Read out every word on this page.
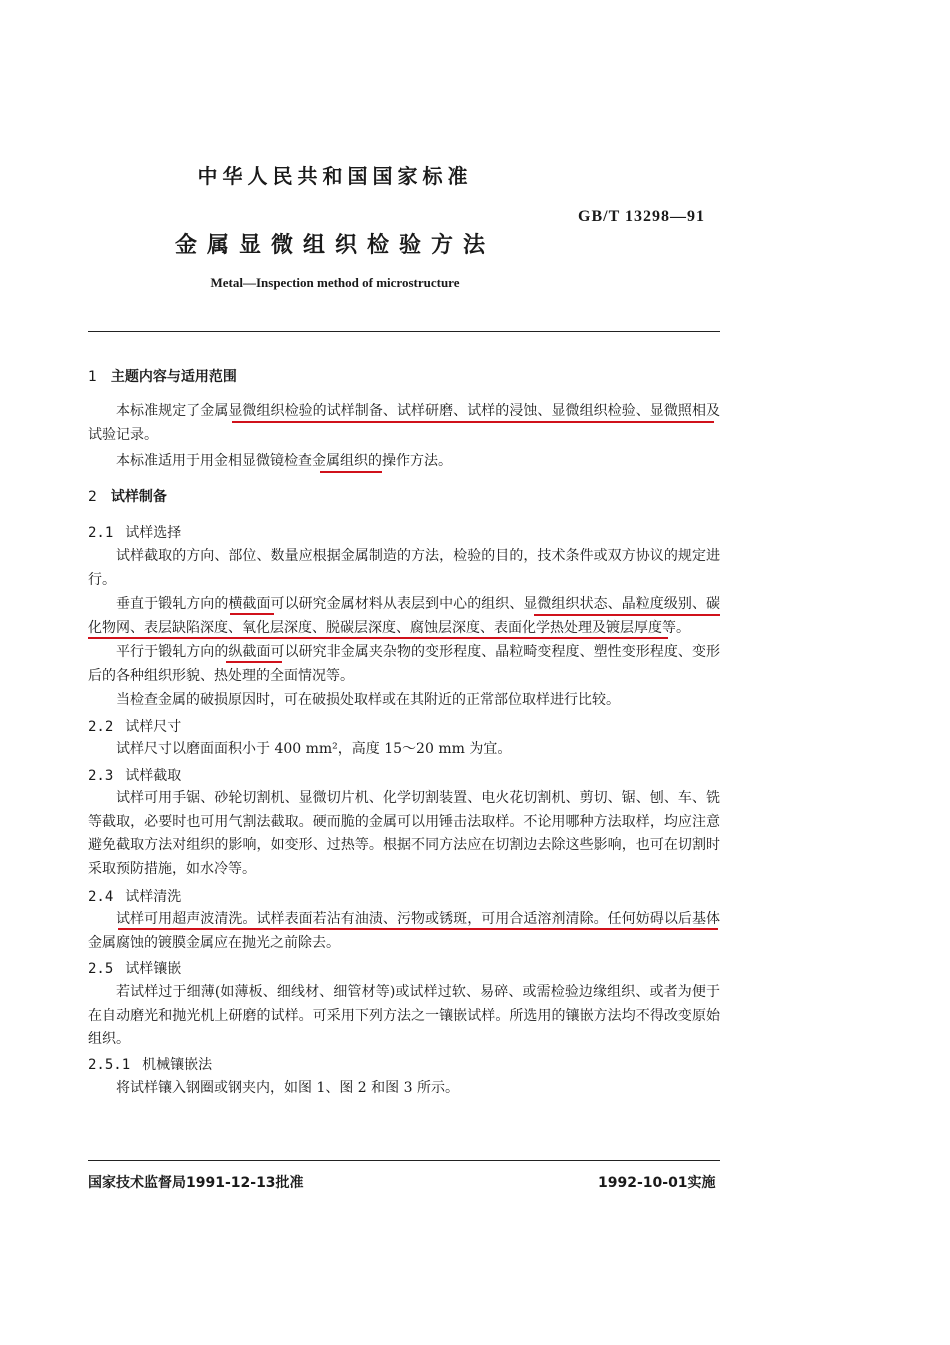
中华人民共和国国家标准
GB/T 13298—91
金属显微组织检验方法
Metal—Inspection method of microstructure
1 主题内容与适用范围
本标准规定了金属显微组织检验的试样制备、试样研磨、试样的浸蚀、显微组织检验、显微照相及试验记录。
本标准适用于用金相显微镜检查金属组织的操作方法。
2 试样制备
2.1 试样选择
试样截取的方向、部位、数量应根据金属制造的方法，检验的目的，技术条件或双方协议的规定进行。
垂直于锻轧方向的横截面可以研究金属材料从表层到中心的组织、显微组织状态、晶粒度级别、碳化物网、表层缺陷深度、氧化层深度、脱碳层深度、腐蚀层深度、表面化学热处理及镀层厚度等。
平行于锻轧方向的纵截面可以研究非金属夹杂物的变形程度、晶粒畸变程度、塑性变形程度、变形后的各种组织形貌、热处理的全面情况等。
当检查金属的破损原因时，可在破损处取样或在其附近的正常部位取样进行比较。
2.2 试样尺寸
试样尺寸以磨面面积小于 400 mm²，高度 15～20 mm 为宜。
2.3 试样截取
试样可用手锯、砂轮切割机、显微切片机、化学切割装置、电火花切割机、剪切、锯、刨、车、铣等截取，必要时也可用气割法截取。硬而脆的金属可以用锤击法取样。不论用哪种方法取样，均应注意避免截取方法对组织的影响，如变形、过热等。根据不同方法应在切割边去除这些影响，也可在切割时采取预防措施，如水冷等。
2.4 试样清洗
试样可用超声波清洗。试样表面若沾有油渍、污物或锈斑，可用合适溶剂清除。任何妨碍以后基体金属腐蚀的镀膜金属应在抛光之前除去。
2.5 试样镶嵌
若试样过于细薄(如薄板、细线材、细管材等)或试样过软、易碎、或需检验边缘组织、或者为便于在自动磨光和抛光机上研磨的试样。可采用下列方法之一镶嵌试样。所选用的镶嵌方法均不得改变原始组织。
2.5.1 机械镶嵌法
将试样镶入钢圈或钢夹内，如图 1、图 2 和图 3 所示。
国家技术监督局1991-12-13批准	1992-10-01实施
